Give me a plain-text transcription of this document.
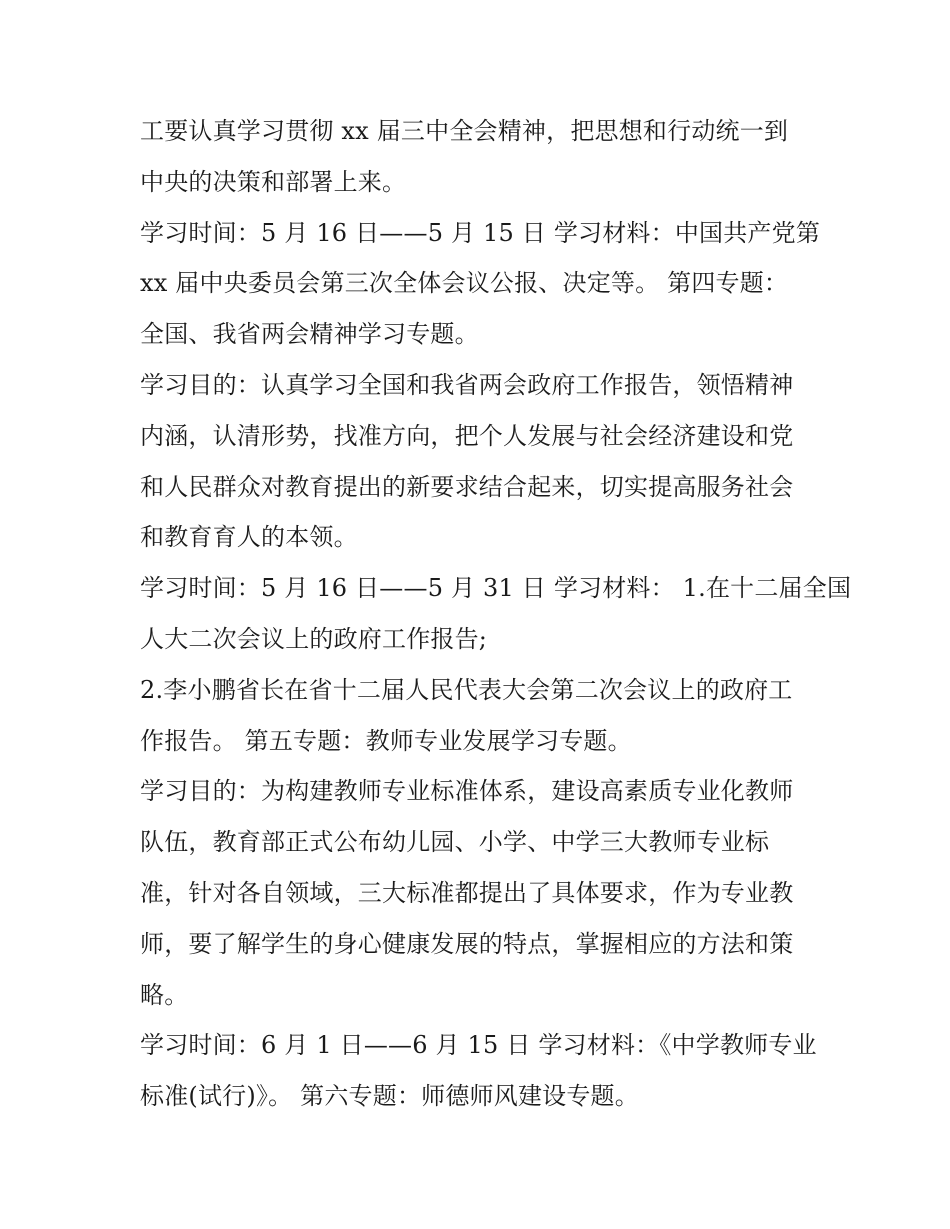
工要认真学习贯彻 xx 届三中全会精神，把思想和行动统一到
中央的决策和部署上来。
学习时间：5 月 16 日——5 月 15 日 学习材料：中国共产党第
xx 届中央委员会第三次全体会议公报、决定等。 第四专题：
全国、我省两会精神学习专题。
学习目的：认真学习全国和我省两会政府工作报告，领悟精神
内涵，认清形势，找准方向，把个人发展与社会经济建设和党
和人民群众对教育提出的新要求结合起来，切实提高服务社会
和教育育人的本领。
学习时间：5 月 16 日——5 月 31 日 学习材料： 1.在十二届全国
人大二次会议上的政府工作报告;
2.李小鹏省长在省十二届人民代表大会第二次会议上的政府工
作报告。 第五专题：教师专业发展学习专题。
学习目的：为构建教师专业标准体系，建设高素质专业化教师
队伍，教育部正式公布幼儿园、小学、中学三大教师专业标
准，针对各自领域，三大标准都提出了具体要求，作为专业教
师，要了解学生的身心健康发展的特点，掌握相应的方法和策
略。
学习时间：6 月 1 日——6 月 15 日 学习材料：《中学教师专业
标准(试行)》。 第六专题：师德师风建设专题。
